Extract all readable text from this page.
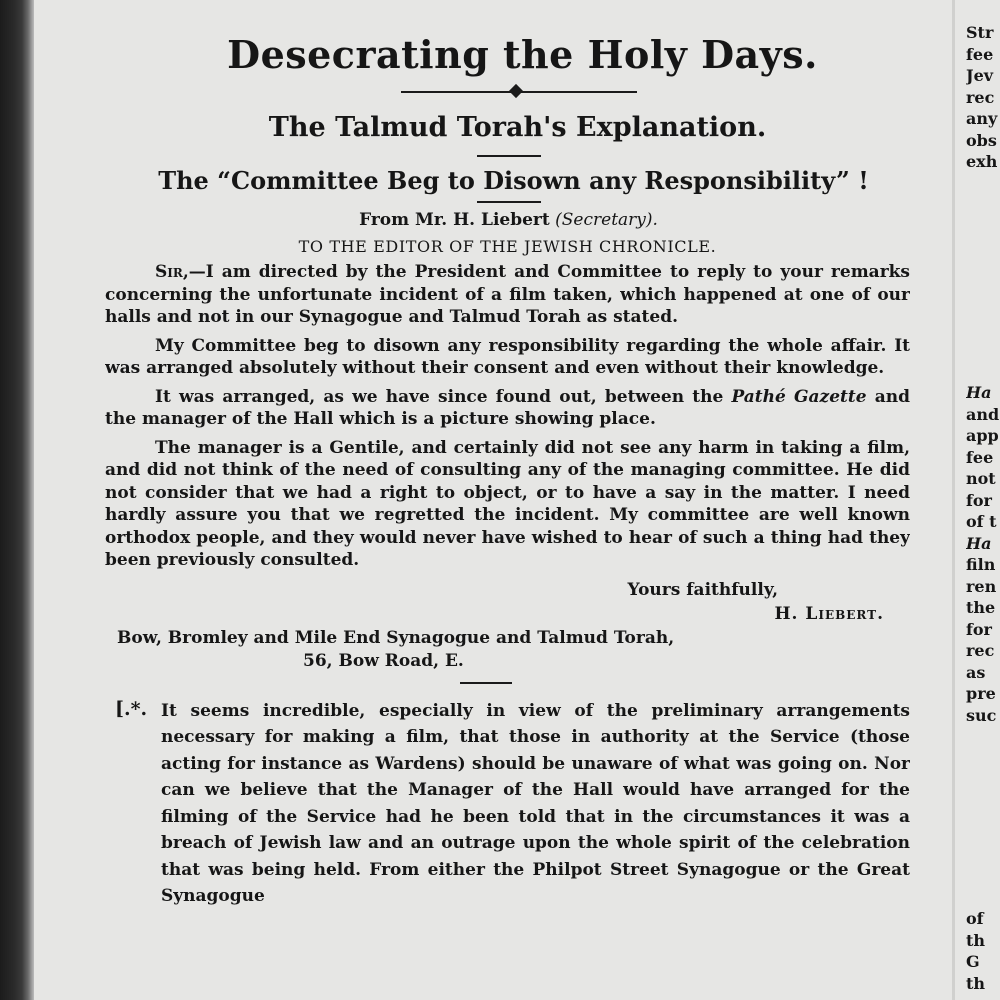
Desecrating the Holy Days.
The Talmud Torah's Explanation.
The “Committee Beg to Disown any Responsibility” !
From Mr. H. Liebert (Secretary).
TO THE EDITOR OF THE JEWISH CHRONICLE.

Sir,—I am directed by the President and Committee to reply to your remarks concerning the unfortunate incident of a film taken, which happened at one of our halls and not in our Synagogue and Talmud Torah as stated.

My Committee beg to disown any responsibility regarding the whole affair. It was arranged absolutely without their consent and even without their knowledge.

It was arranged, as we have since found out, between the Pathé Gazette and the manager of the Hall which is a picture showing place.

The manager is a Gentile, and certainly did not see any harm in taking a film, and did not think of the need of consulting any of the managing committee. He did not consider that we had a right to object, or to have a say in the matter. I need hardly assure you that we regretted the incident. My committee are well known orthodox people, and they would never have wished to hear of such a thing had they been previously consulted.

Yours faithfully,
H. Liebert.
Bow, Bromley and Mile End Synagogue and Talmud Torah,
56, Bow Road, E.
[.*. It seems incredible, especially in view of the preliminary arrangements necessary for making a film, that those in authority at the Service (those acting for instance as Wardens) should be unaware of what was going on. Nor can we believe that the Manager of the Hall would have arranged for the filming of the Service had he been told that in the circumstances it was a breach of Jewish law and an outrage upon the whole spirit of the celebration that was being held. From either the Philpot Street Synagogue or the Great Synagogue

Str
fee
Jev
rec
any
obs
exh
Ha
and
app
fee
not
for
of t
Ha
filn
ren
the
for
rec
as
pre
suc
of
th
G
th
